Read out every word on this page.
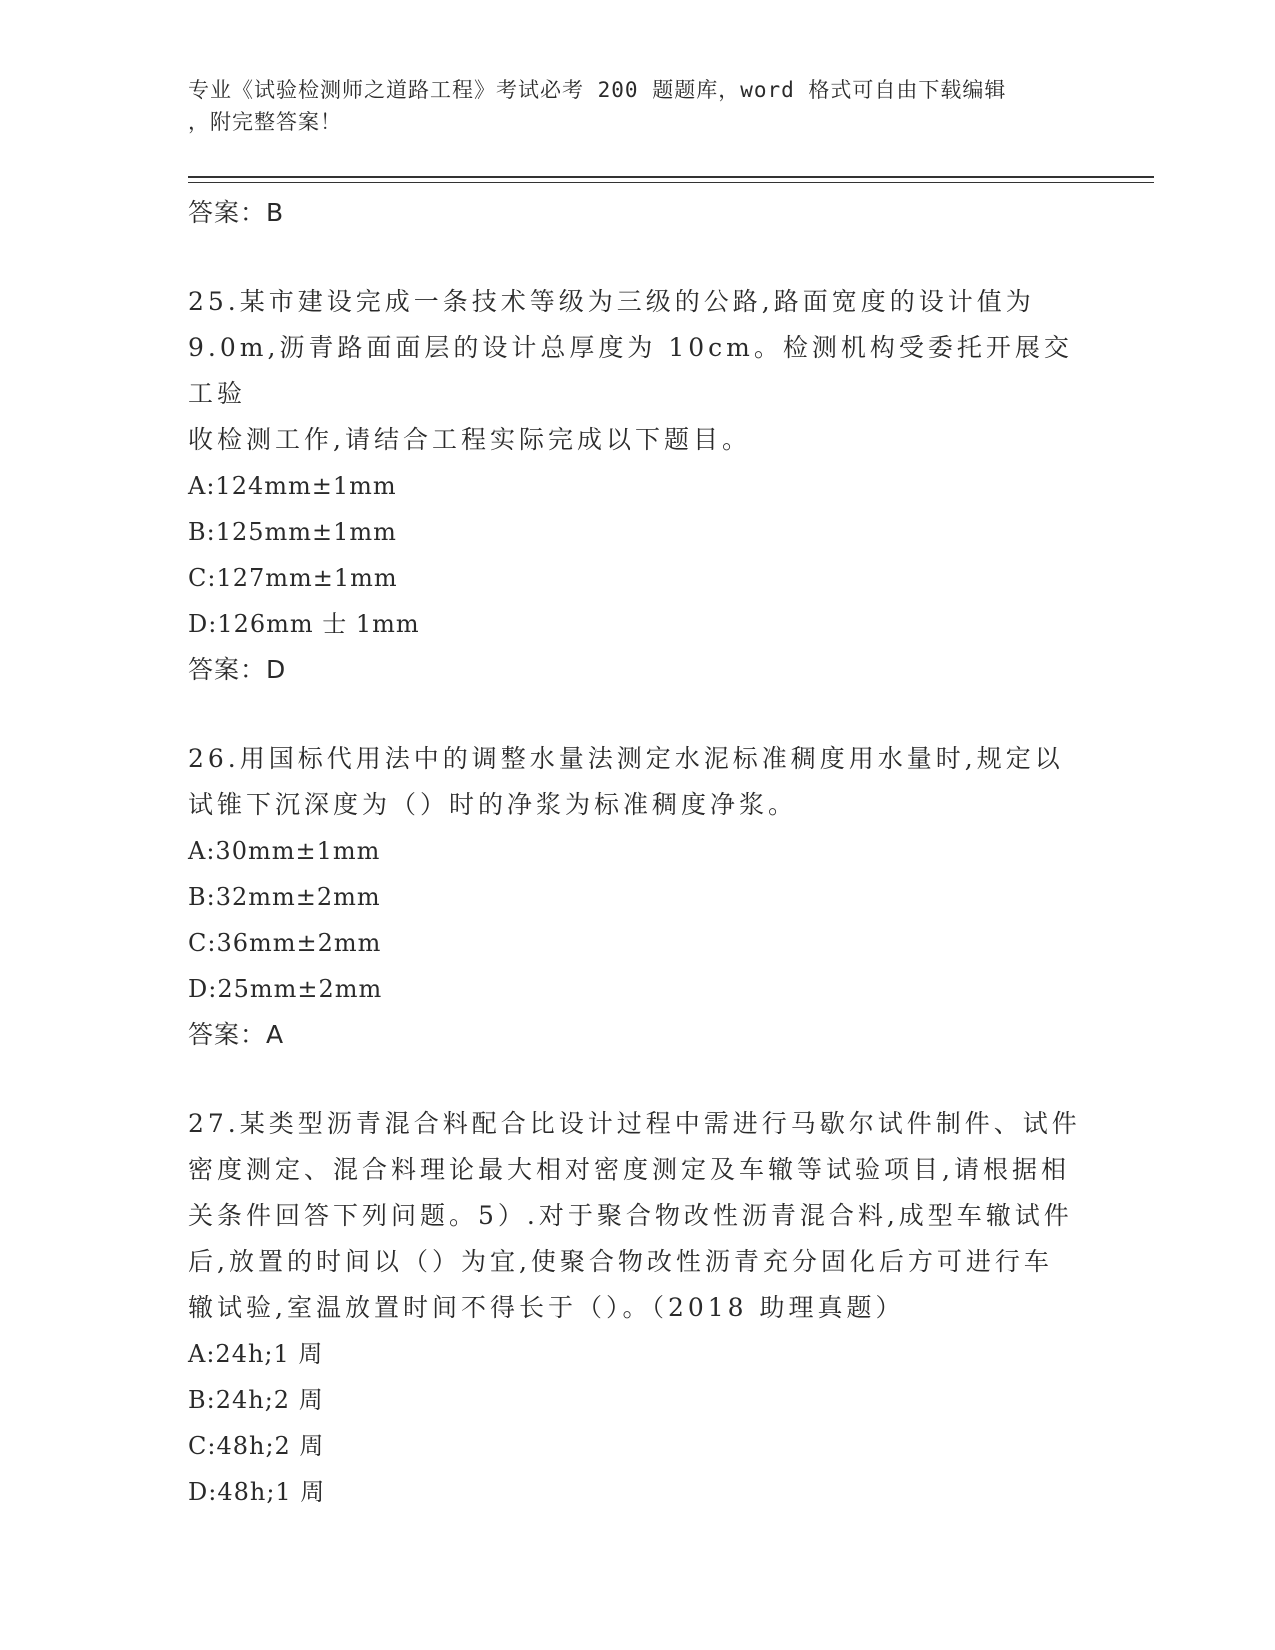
专业《试验检测师之道路工程》考试必考 200 题题库，word 格式可自由下载编辑
，附完整答案！
答案：B
25.某市建设完成一条技术等级为三级的公路,路面宽度的设计值为
9.0m,沥青路面面层的设计总厚度为 10cm。检测机构受委托开展交工验
收检测工作,请结合工程实际完成以下题目。
A:124mm±1mm
B:125mm±1mm
C:127mm±1mm
D:126mm 士 1mm
答案：D
26.用国标代用法中的调整水量法测定水泥标准稠度用水量时,规定以
试锥下沉深度为（）时的净浆为标准稠度净浆。
A:30mm±1mm
B:32mm±2mm
C:36mm±2mm
D:25mm±2mm
答案：A
27.某类型沥青混合料配合比设计过程中需进行马歇尔试件制件、试件
密度测定、混合料理论最大相对密度测定及车辙等试验项目,请根据相
关条件回答下列问题。5）.对于聚合物改性沥青混合料,成型车辙试件
后,放置的时间以（）为宜,使聚合物改性沥青充分固化后方可进行车
辙试验,室温放置时间不得长于（）。（2018 助理真题）
A:24h;1 周
B:24h;2 周
C:48h;2 周
D:48h;1 周
